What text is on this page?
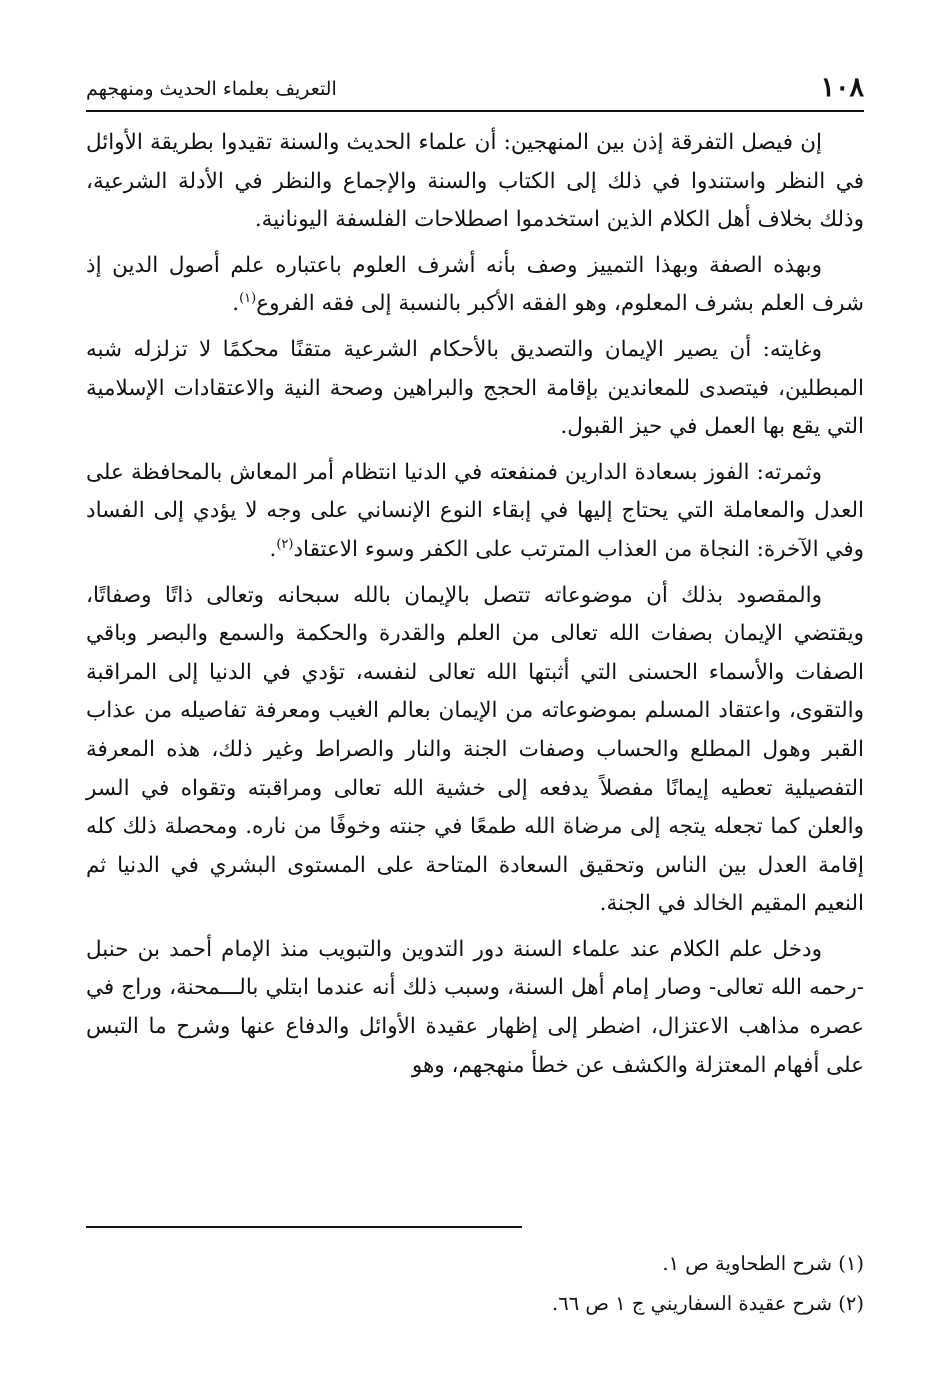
١٠٨
التعريف بعلماء الحديث ومنهجهم

إن فيصل التفرقة إذن بين المنهجين: أن علماء الحديث والسنة تقيدوا بطريقة الأوائل في النظر واستندوا في ذلك إلى الكتاب والسنة والإجماع والنظر في الأدلة الشرعية، وذلك بخلاف أهل الكلام الذين استخدموا اصطلاحات الفلسفة اليونانية.

وبهذه الصفة وبهذا التمييز وصف بأنه أشرف العلوم باعتباره علم أصول الدين إذ شرف العلم بشرف المعلوم، وهو الفقه الأكبر بالنسبة إلى فقه الفروع$^{(١)}$.

وغايته: أن يصير الإيمان والتصديق بالأحكام الشرعية متقنًا محكمًا لا تزلزله شبه المبطلين، فيتصدى للمعاندين بإقامة الحجج والبراهين وصحة النية والاعتقادات الإسلامية التي يقع بها العمل في حيز القبول.

وثمرته: الفوز بسعادة الدارين فمنفعته في الدنيا انتظام أمر المعاش بالمحافظة على العدل والمعاملة التي يحتاج إليها في إبقاء النوع الإنساني على وجه لا يؤدي إلى الفساد وفي الآخرة: النجاة من العذاب المترتب على الكفر وسوء الاعتقاد$^{(٢)}$.

والمقصود بذلك أن موضوعاته تتصل بالإيمان بالله سبحانه وتعالى ذاتًا وصفاتًا، ويقتضي الإيمان بصفات الله تعالى من العلم والقدرة والحكمة والسمع والبصر وباقي الصفات والأسماء الحسنى التي أثبتها الله تعالى لنفسه، تؤدي في الدنيا إلى المراقبة والتقوى، واعتقاد المسلم بموضوعاته من الإيمان بعالم الغيب ومعرفة تفاصيله من عذاب القبر وهول المطلع والحساب وصفات الجنة والنار والصراط وغير ذلك، هذه المعرفة التفصيلية تعطيه إيمانًا مفصلاً يدفعه إلى خشية الله تعالى ومراقبته وتقواه في السر والعلن كما تجعله يتجه إلى مرضاة الله طمعًا في جنته وخوفًا من ناره. ومحصلة ذلك كله إقامة العدل بين الناس وتحقيق السعادة المتاحة على المستوى البشري في الدنيا ثم النعيم المقيم الخالد في الجنة.

ودخل علم الكلام عند علماء السنة دور التدوين والتبويب منذ الإمام أحمد بن حنبل -رحمه الله تعالى- وصار إمام أهل السنة، وسبب ذلك أنه عندما ابتلي بالـــمحنة، وراج في عصره مذاهب الاعتزال، اضطر إلى إظهار عقيدة الأوائل والدفاع عنها وشرح ما التبس على أفهام المعتزلة والكشف عن خطأ منهجهم، وهو

(١) شرح الطحاوية ص ١.

(٢) شرح عقيدة السفاريني ج ١ ص ٦٦.
